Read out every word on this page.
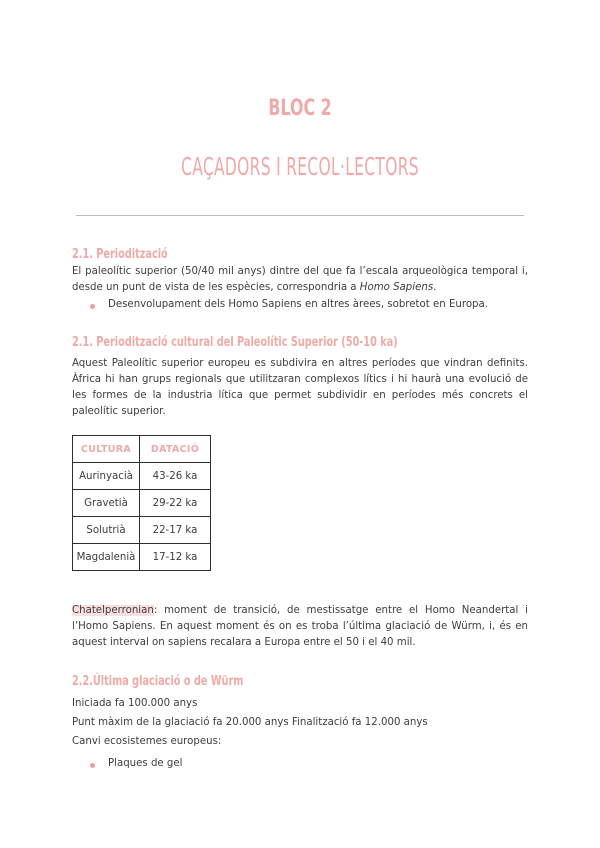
BLOC 2
CAÇADORS I RECOL·LECTORS
2.1. Periodització
El paleolític superior (50/40 mil anys) dintre del que fa l’escala arqueològica temporal i, desde un punt de vista de les espècies, correspondria a Homo Sapiens.
Desenvolupament dels Homo Sapiens en altres àrees, sobretot en Europa.
2.1. Periodització cultural del Paleolític Superior (50-10 ka)
Aquest Paleolític superior europeu es subdivira en altres períodes que vindran definits. Àfrica hi han grups regionals que utilitzaran complexos lítics i hi haurà una evolució de les formes de la industria lítica que permet subdividir en períodes més concrets el paleolític superior.
CULTURA	DATACIÓ
Aurinyacià	43-26 ka
Gravetià	29-22 ka
Solutrià	22-17 ka
Magdalenià	17-12 ka
Chatelperronian: moment de transició, de mestissatge entre el Homo Neandertal i l’Homo Sapiens. En aquest moment és on es troba l’última glaciació de Würm, i, és en aquest interval on sapiens recalara a Europa entre el 50 i el 40 mil.
2.2.Última glaciació o de Würm
Iniciada fa 100.000 anys
Punt màxim de la glaciació fa 20.000 anys Finalització fa 12.000 anys
Canvi ecosistemes europeus:
Plaques de gel
